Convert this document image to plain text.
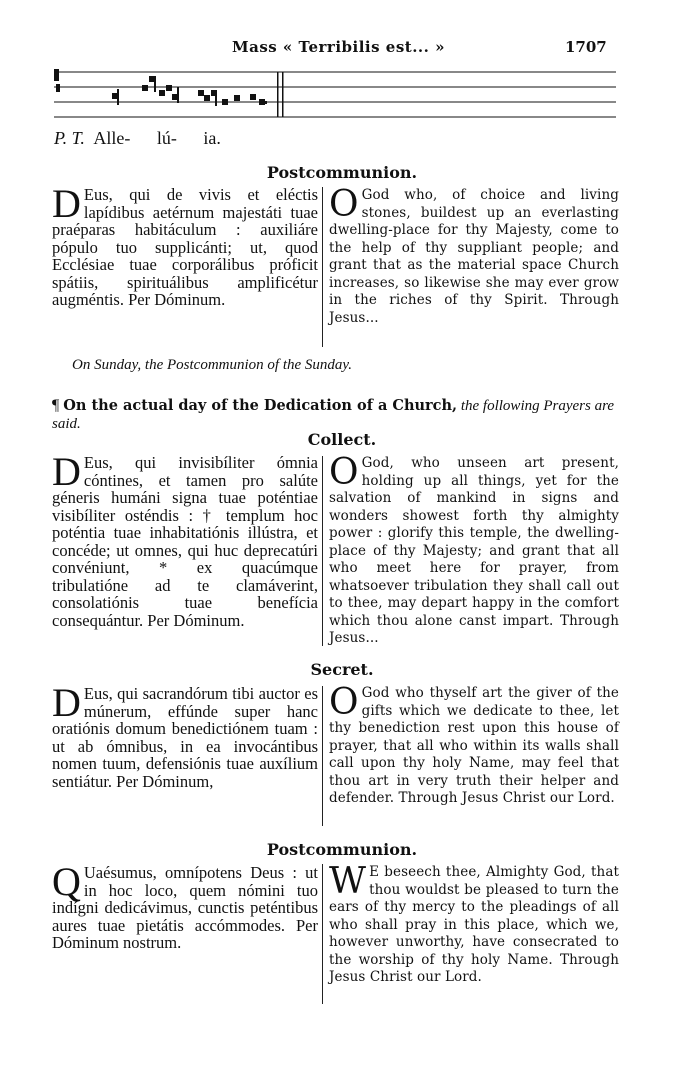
Mass « Terribilis est... »	1707
P. T. Alle- lú- ia.
Postcommunion.
D Eus, qui de vivis et eléctis lapídibus aetérnum majestáti tuae praéparas habitáculum : auxiliáre pópulo tuo supplicánti; ut, quod Ecclésiae tuae corporálibus próficit spátiis, spirituálibus amplificétur augméntis. Per Dóminum.
O God who, of choice and living stones, buildest up an everlasting dwelling-place for thy Majesty, come to the help of thy suppliant people; and grant that as the material space Church increases, so likewise she may ever grow in the riches of thy Spirit. Through Jesus...
On Sunday, the Postcommunion of the Sunday.
¶ On the actual day of the Dedication of a Church, the following Prayers are said.
Collect.
D Eus, qui invisibíliter ómnia cóntines, et tamen pro salúte géneris humáni signa tuae poténtiae visibíliter osténdis : † templum hoc poténtia tuae inhabitatiónis illústra, et concéde; ut omnes, qui huc deprecatúri convéniunt, * ex quacúmque tribulatióne ad te clamáverint, consolatiónis tuae benefícia consequántur. Per Dóminum.
O God, who unseen art present, holding up all things, yet for the salvation of mankind in signs and wonders showest forth thy almighty power : glorify this temple, the dwelling-place of thy Majesty; and grant that all who meet here for prayer, from whatsoever tribulation they shall call out to thee, may depart happy in the comfort which thou alone canst impart. Through Jesus...
Secret.
D Eus, qui sacrandórum tibi auctor es múnerum, effúnde super hanc oratiónis domum benedictiónem tuam : ut ab ómnibus, in ea invocántibus nomen tuum, defensiónis tuae auxílium sentiátur. Per Dóminum,
O God who thyself art the giver of the gifts which we dedicate to thee, let thy benediction rest upon this house of prayer, that all who within its walls shall call upon thy holy Name, may feel that thou art in very truth their helper and defender. Through Jesus Christ our Lord.
Postcommunion.
Q Uaésumus, omnípotens Deus : ut in hoc loco, quem nómini tuo indígni dedicávimus, cunctis peténtibus aures tuae pietátis accómmodes. Per Dóminum nostrum.
W E beseech thee, Almighty God, that thou wouldst be pleased to turn the ears of thy mercy to the pleadings of all who shall pray in this place, which we, however unworthy, have consecrated to the worship of thy holy Name. Through Jesus Christ our Lord.
